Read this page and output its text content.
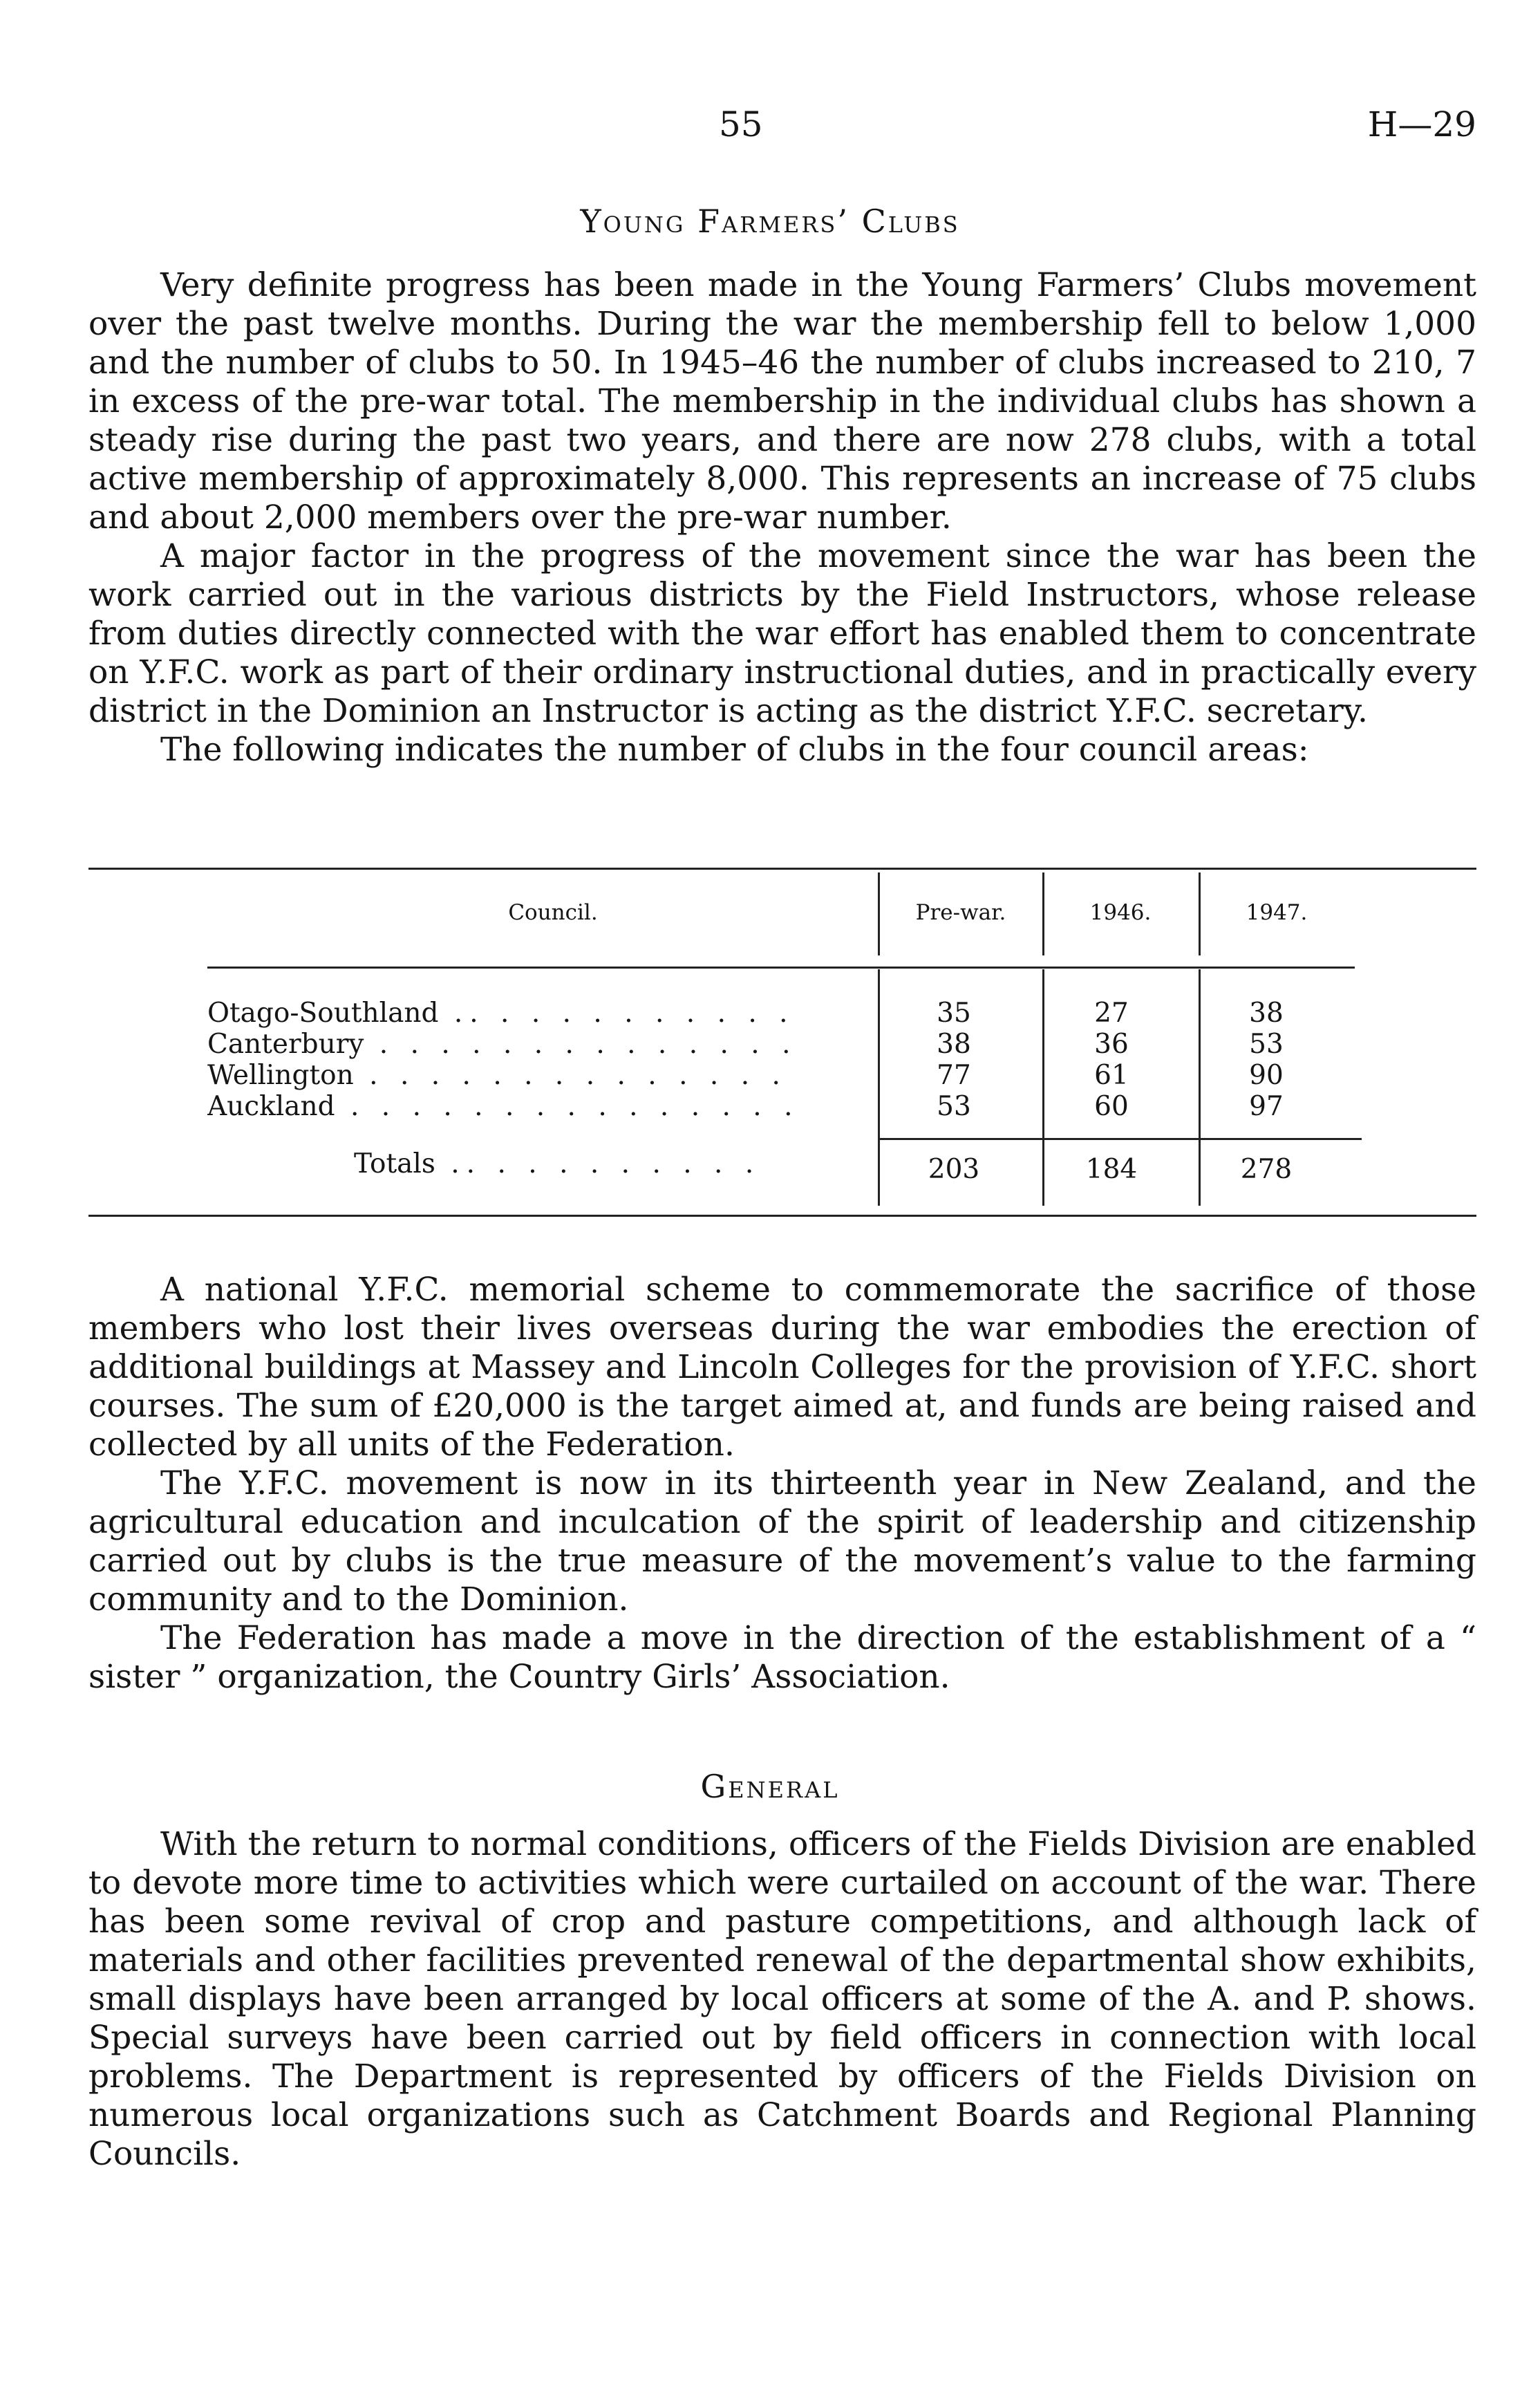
55	H—29
Young Farmers’ Clubs

Very definite progress has been made in the Young Farmers’ Clubs movement over the past twelve months. During the war the membership fell to below 1,000 and the number of clubs to 50. In 1945–46 the number of clubs increased to 210, 7 in excess of the pre-war total. The membership in the individual clubs has shown a steady rise during the past two years, and there are now 278 clubs, with a total active membership of approximately 8,000. This represents an increase of 75 clubs and about 2,000 members over the pre-war number.

A major factor in the progress of the movement since the war has been the work carried out in the various districts by the Field Instructors, whose release from duties directly connected with the war effort has enabled them to concentrate on Y.F.C. work as part of their ordinary instructional duties, and in practically every district in the Dominion an Instructor is acting as the district Y.F.C. secretary.

The following indicates the number of clubs in the four council areas:

Council.	Pre-war.	1946.	1947.
Otago-Southland .. . . . . . . . . . .	35	27	38
Canterbury . . . . . . . . . . . . . .	38	36	53
Wellington . . . . . . . . . . . . . .	77	61	90
Auckland . . . . . . . . . . . . . . .	53	60	97
Totals .. . . . . . . . . .	203	184	278

A national Y.F.C. memorial scheme to commemorate the sacrifice of those members who lost their lives overseas during the war embodies the erection of additional buildings at Massey and Lincoln Colleges for the provision of Y.F.C. short courses. The sum of £20,000 is the target aimed at, and funds are being raised and collected by all units of the Federation.

The Y.F.C. movement is now in its thirteenth year in New Zealand, and the agricultural education and inculcation of the spirit of leadership and citizenship carried out by clubs is the true measure of the movement’s value to the farming community and to the Dominion.

The Federation has made a move in the direction of the establishment of a “ sister ” organization, the Country Girls’ Association.

General

With the return to normal conditions, officers of the Fields Division are enabled to devote more time to activities which were curtailed on account of the war. There has been some revival of crop and pasture competitions, and although lack of materials and other facilities prevented renewal of the departmental show exhibits, small displays have been arranged by local officers at some of the A. and P. shows. Special surveys have been carried out by field officers in connection with local problems. The Department is represented by officers of the Fields Division on numerous local organizations such as Catchment Boards and Regional Planning Councils.
